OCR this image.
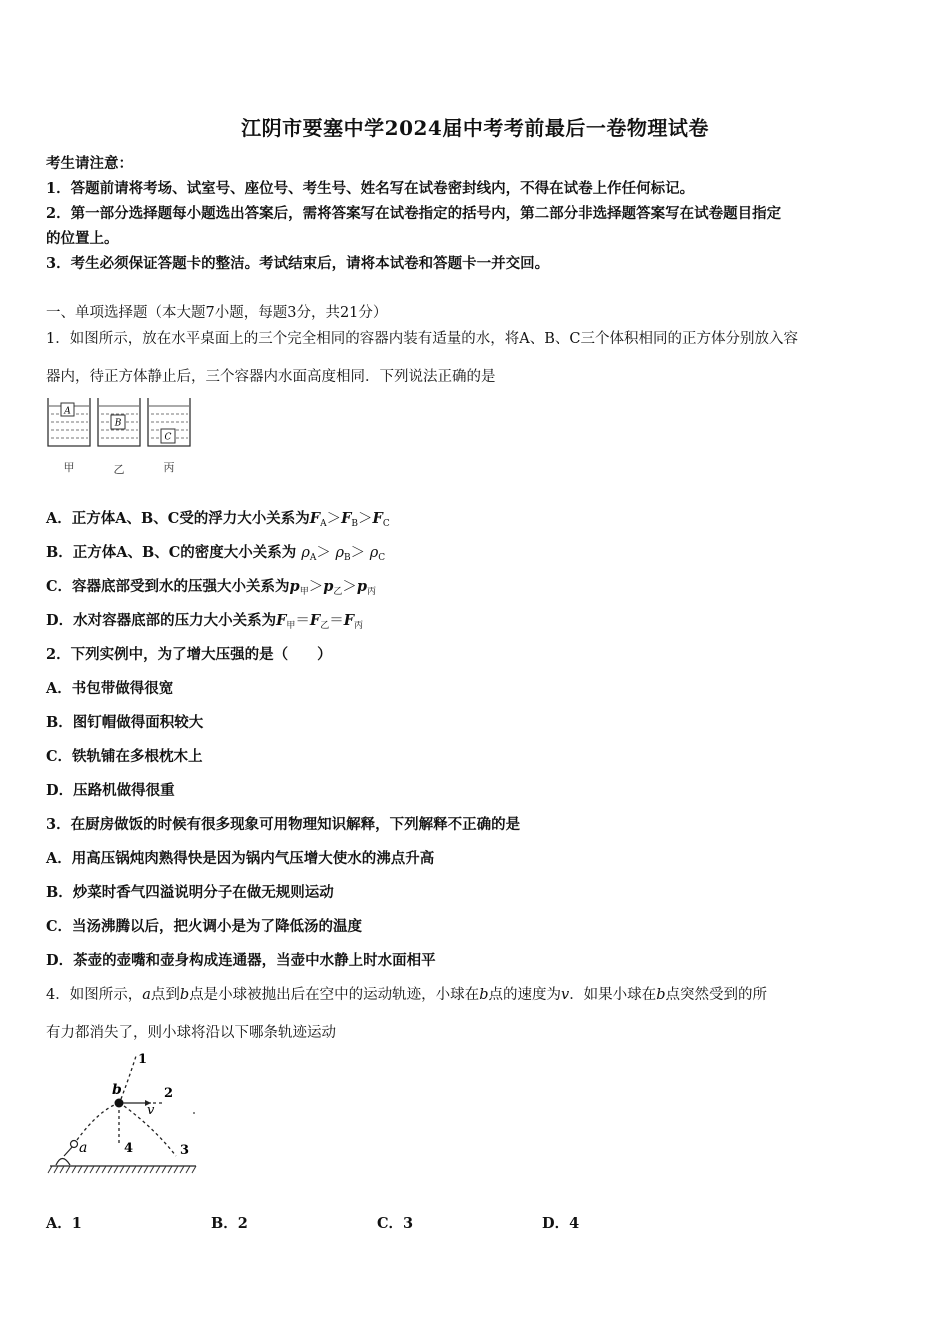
江阴市要塞中学2024届中考考前最后一卷物理试卷
考生请注意：
1．答题前请将考场、试室号、座位号、考生号、姓名写在试卷密封线内，不得在试卷上作任何标记。
2．第一部分选择题每小题选出答案后，需将答案写在试卷指定的括号内，第二部分非选择题答案写在试卷题目指定
的位置上。
3．考生必须保证答题卡的整洁。考试结束后，请将本试卷和答题卡一并交回。
一、单项选择题（本大题7小题，每题3分，共21分）
1．如图所示，放在水平桌面上的三个完全相同的容器内装有适量的水，将A、B、C三个体积相同的正方体分别放入容
器内，待正方体静止后，三个容器内水面高度相同．下列说法正确的是
A
B
C
甲	乙	丙
A．正方体A、B、C受的浮力大小关系为$F_A>F_B>F_C$
B．正方体A、B、C的密度大小关系为 $\rho_A> \rho_B> \rho_C$
C．容器底部受到水的压强大小关系为$p_甲>p_乙>p_丙$
D．水对容器底部的压力大小关系为$F_甲=F_乙=F_丙$
2．下列实例中，为了增大压强的是（　　）
A．书包带做得很宽
B．图钉帽做得面积较大
C．铁轨铺在多根枕木上
D．压路机做得很重
3．在厨房做饭的时候有很多现象可用物理知识解释，下列解释不正确的是
A．用高压锅炖肉熟得快是因为锅内气压增大使水的沸点升高
B．炒菜时香气四溢说明分子在做无规则运动
C．当汤沸腾以后，把火调小是为了降低汤的温度
D．茶壶的壶嘴和壶身构成连通器，当壶中水静上时水面相平
4．如图所示，a点到b点是小球被抛出后在空中的运动轨迹，小球在b点的速度为v．如果小球在b点突然受到的所
有力都消失了，则小球将沿以下哪条轨迹运动
a
b
v
1
2
3
4
A．1	B．2	C．3	D．4
